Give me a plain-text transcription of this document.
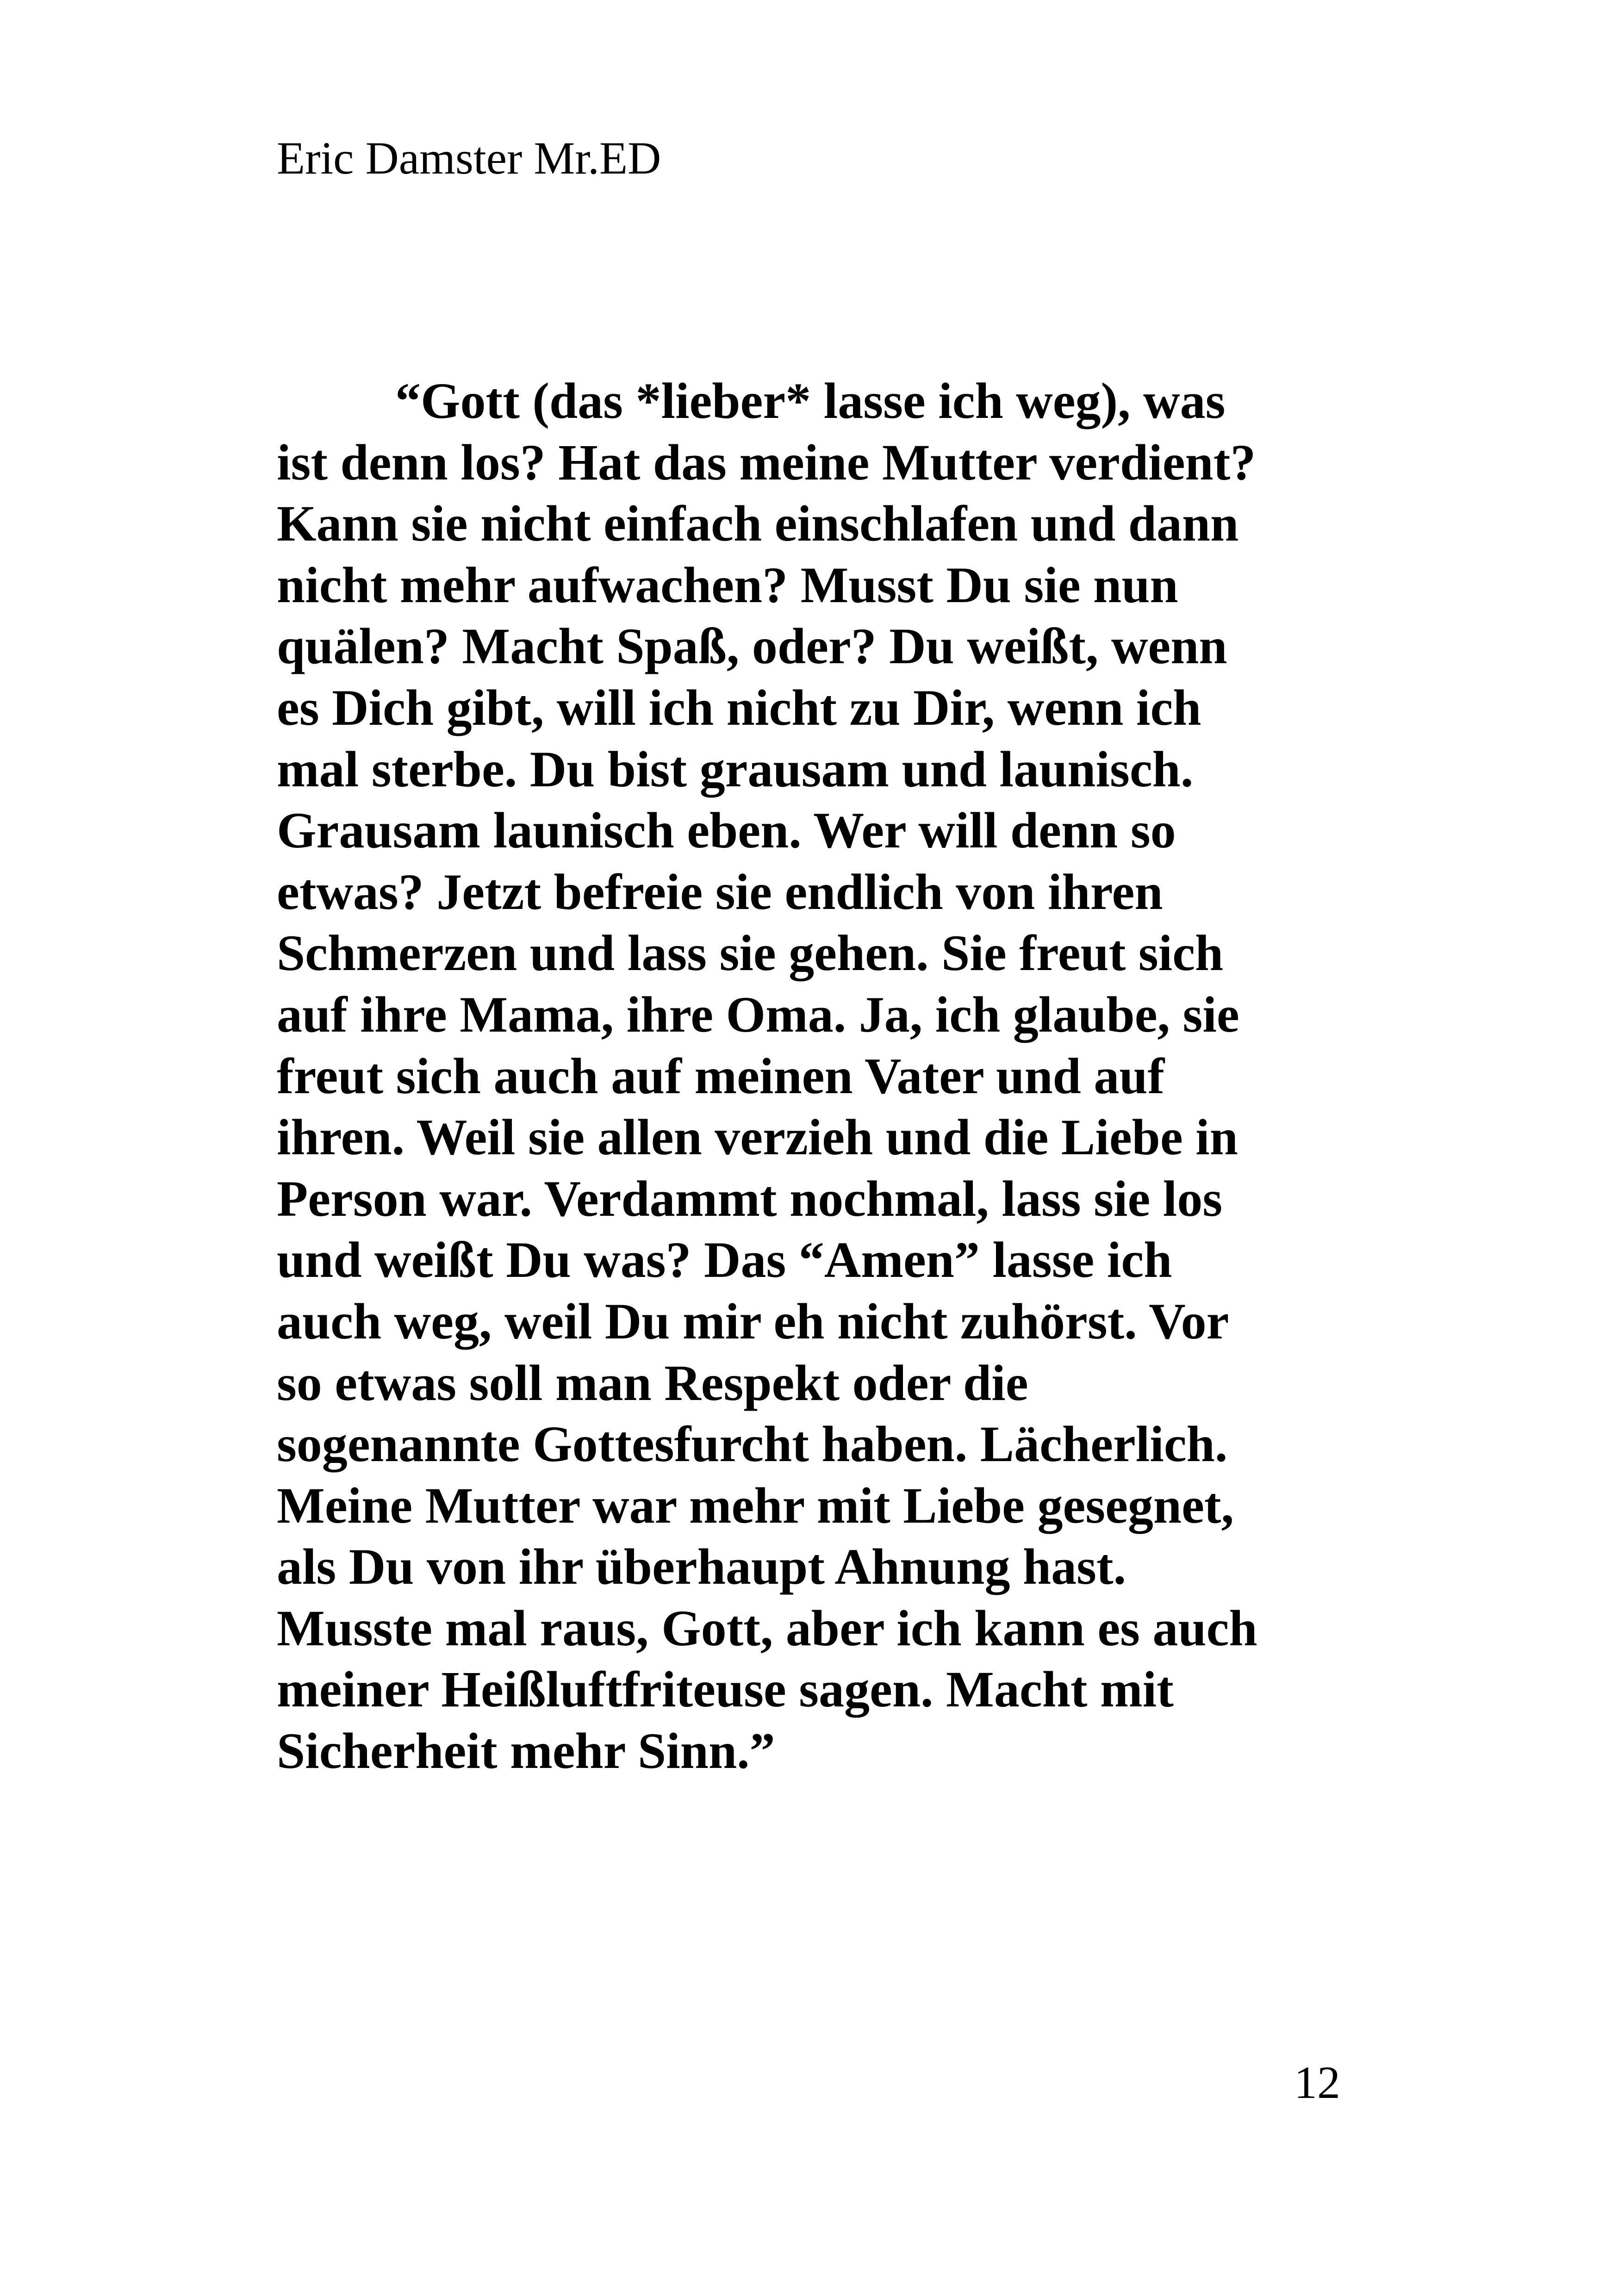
Eric Damster Mr.ED
“Gott (das *lieber* lasse ich weg), was
ist denn los? Hat das meine Mutter verdient?
Kann sie nicht einfach einschlafen und dann
nicht mehr aufwachen? Musst Du sie nun
quälen? Macht Spaß, oder? Du weißt, wenn
es Dich gibt, will ich nicht zu Dir, wenn ich
mal sterbe. Du bist grausam und launisch.
Grausam launisch eben. Wer will denn so
etwas? Jetzt befreie sie endlich von ihren
Schmerzen und lass sie gehen. Sie freut sich
auf ihre Mama, ihre Oma. Ja, ich glaube, sie
freut sich auch auf meinen Vater und auf
ihren. Weil sie allen verzieh und die Liebe in
Person war. Verdammt nochmal, lass sie los
und weißt Du was? Das “Amen” lasse ich
auch weg, weil Du mir eh nicht zuhörst. Vor
so etwas soll man Respekt oder die
sogenannte Gottesfurcht haben. Lächerlich.
Meine Mutter war mehr mit Liebe gesegnet,
als Du von ihr überhaupt Ahnung hast.
Musste mal raus, Gott, aber ich kann es auch
meiner Heißluftfriteuse sagen. Macht mit
Sicherheit mehr Sinn.”
12
